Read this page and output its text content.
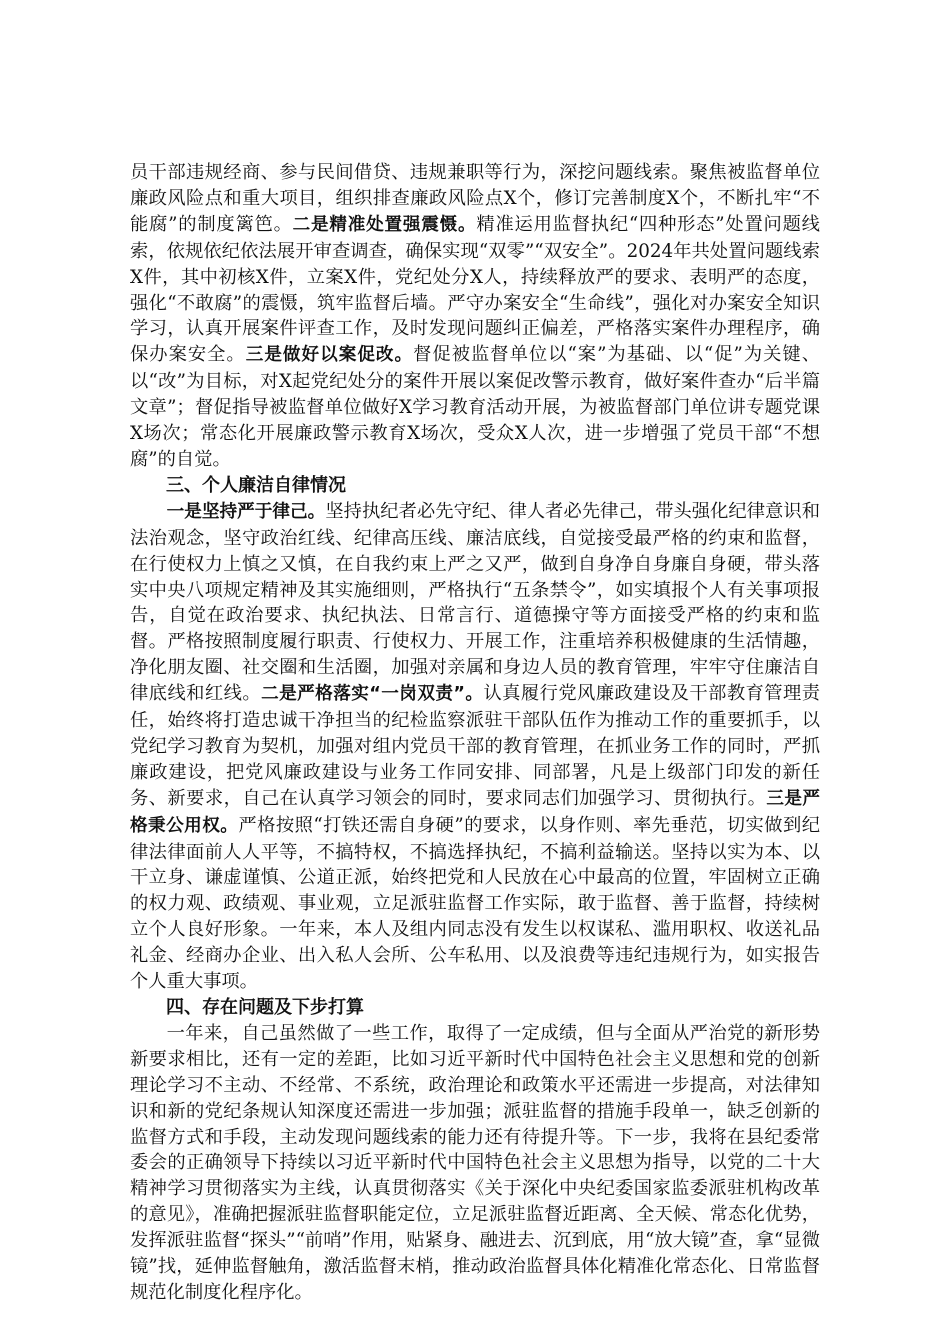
员干部违规经商、参与民间借贷、违规兼职等行为，深挖问题线索。聚焦被监督单位廉政风险点和重大项目，组织排查廉政风险点X个，修订完善制度X个，不断扎牢“不能腐”的制度篱笆。二是精准处置强震慑。精准运用监督执纪“四种形态”处置问题线索，依规依纪依法展开审查调查，确保实现“双零”“双安全”。2024年共处置问题线索X件，其中初核X件，立案X件，党纪处分X人，持续释放严的要求、表明严的态度，强化“不敢腐”的震慑，筑牢监督后墙。严守办案安全“生命线”，强化对办案安全知识学习，认真开展案件评查工作，及时发现问题纠正偏差，严格落实案件办理程序，确保办案安全。三是做好以案促改。督促被监督单位以“案”为基础、以“促”为关键、以“改”为目标，对X起党纪处分的案件开展以案促改警示教育，做好案件查办“后半篇文章”；督促指导被监督单位做好X学习教育活动开展，为被监督部门单位讲专题党课X场次；常态化开展廉政警示教育X场次，受众X人次，进一步增强了党员干部“不想腐”的自觉。

三、个人廉洁自律情况

一是坚持严于律己。坚持执纪者必先守纪、律人者必先律己，带头强化纪律意识和法治观念，坚守政治红线、纪律高压线、廉洁底线，自觉接受最严格的约束和监督，在行使权力上慎之又慎，在自我约束上严之又严，做到自身净自身廉自身硬，带头落实中央八项规定精神及其实施细则，严格执行“五条禁令”，如实填报个人有关事项报告，自觉在政治要求、执纪执法、日常言行、道德操守等方面接受严格的约束和监督。严格按照制度履行职责、行使权力、开展工作，注重培养积极健康的生活情趣，净化朋友圈、社交圈和生活圈，加强对亲属和身边人员的教育管理，牢牢守住廉洁自律底线和红线。二是严格落实“一岗双责”。认真履行党风廉政建设及干部教育管理责任，始终将打造忠诚干净担当的纪检监察派驻干部队伍作为推动工作的重要抓手，以党纪学习教育为契机，加强对组内党员干部的教育管理，在抓业务工作的同时，严抓廉政建设，把党风廉政建设与业务工作同安排、同部署，凡是上级部门印发的新任务、新要求，自己在认真学习领会的同时，要求同志们加强学习、贯彻执行。三是严格秉公用权。严格按照“打铁还需自身硬”的要求，以身作则、率先垂范，切实做到纪律法律面前人人平等，不搞特权，不搞选择执纪，不搞利益输送。坚持以实为本、以干立身、谦虚谨慎、公道正派，始终把党和人民放在心中最高的位置，牢固树立正确的权力观、政绩观、事业观，立足派驻监督工作实际，敢于监督、善于监督，持续树立个人良好形象。一年来，本人及组内同志没有发生以权谋私、滥用职权、收送礼品礼金、经商办企业、出入私人会所、公车私用、以及浪费等违纪违规行为，如实报告个人重大事项。

四、存在问题及下步打算

一年来，自己虽然做了一些工作，取得了一定成绩，但与全面从严治党的新形势新要求相比，还有一定的差距，比如习近平新时代中国特色社会主义思想和党的创新理论学习不主动、不经常、不系统，政治理论和政策水平还需进一步提高，对法律知识和新的党纪条规认知深度还需进一步加强；派驻监督的措施手段单一，缺乏创新的监督方式和手段，主动发现问题线索的能力还有待提升等。下一步，我将在县纪委常委会的正确领导下持续以习近平新时代中国特色社会主义思想为指导，以党的二十大精神学习贯彻落实为主线，认真贯彻落实《关于深化中央纪委国家监委派驻机构改革的意见》，准确把握派驻监督职能定位，立足派驻监督近距离、全天候、常态化优势，发挥派驻监督“探头”“前哨”作用，贴紧身、融进去、沉到底，用“放大镜”查，拿“显微镜”找，延伸监督触角，激活监督末梢，推动政治监督具体化精准化常态化、日常监督规范化制度化程序化。
